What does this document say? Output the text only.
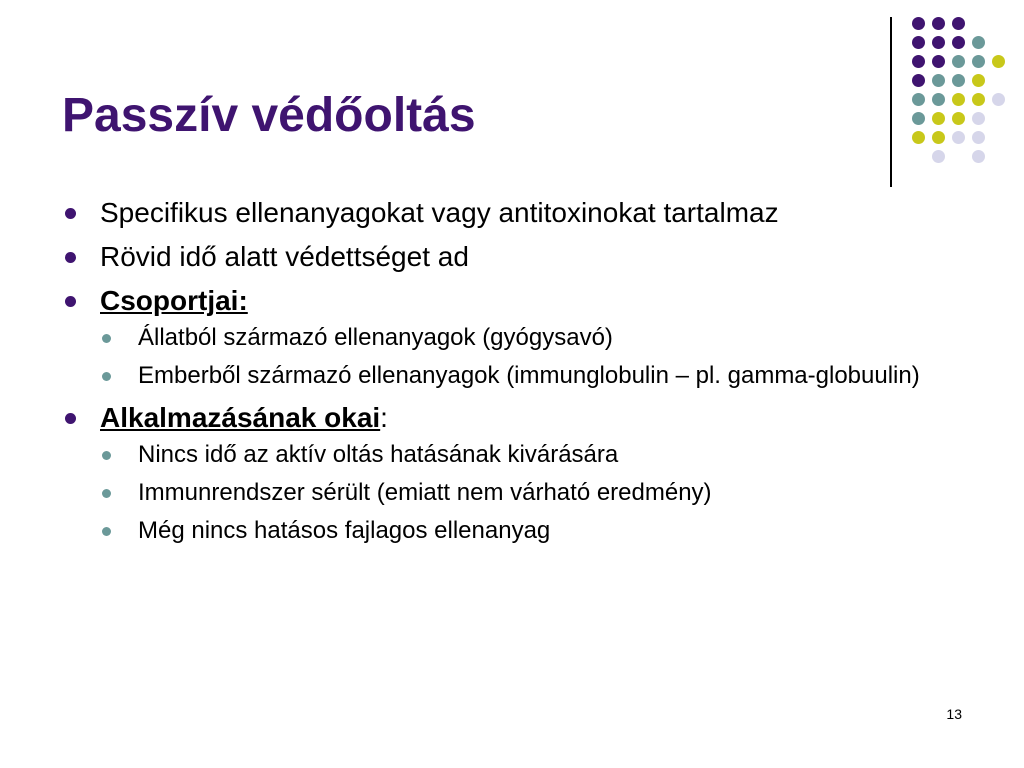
Passzív védőoltás
Specifikus ellenanyagokat vagy antitoxinokat tartalmaz
Rövid idő alatt védettséget ad
Csoportjai:
Állatból származó ellenanyagok (gyógysavó)
Emberből származó ellenanyagok (immunglobulin – pl. gamma-globuulin)
Alkalmazásának okai:
Nincs idő az aktív oltás hatásának kivárására
Immunrendszer sérült (emiatt nem várható eredmény)
Még nincs hatásos fajlagos ellenanyag
13
